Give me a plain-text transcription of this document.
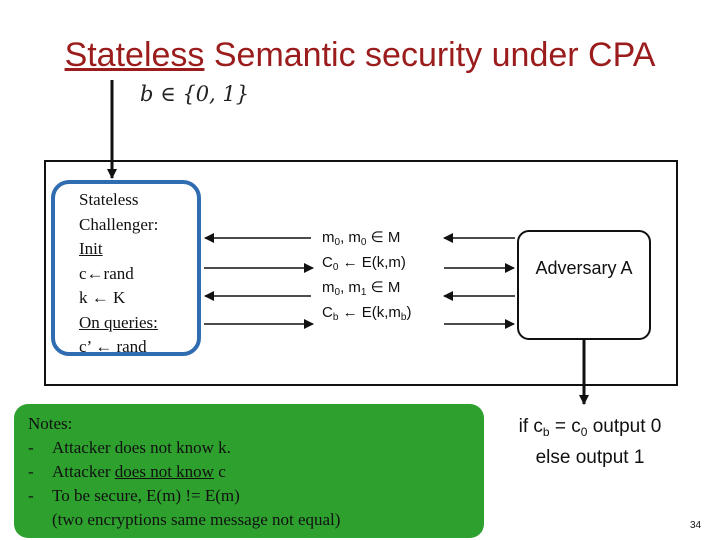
Stateless Semantic security under CPA
b ∈ {0, 1}
Stateless
Challenger:
Init
c←rand
k ← K
On queries:
c’ ← rand
$m_0$, $m_0$ ∈ M
$C_0$ ← E(k,m)
$m_0$, $m_1$ ∈ M
$C_b$ ← $E(k,m_b)$
Adversary A
Notes:
- Attacker does not know k.
- Attacker does not know c
- To be secure, E(m) != E(m)
(two encryptions same message not equal)
if $c_b = c_0$ output 0
else output 1
34
